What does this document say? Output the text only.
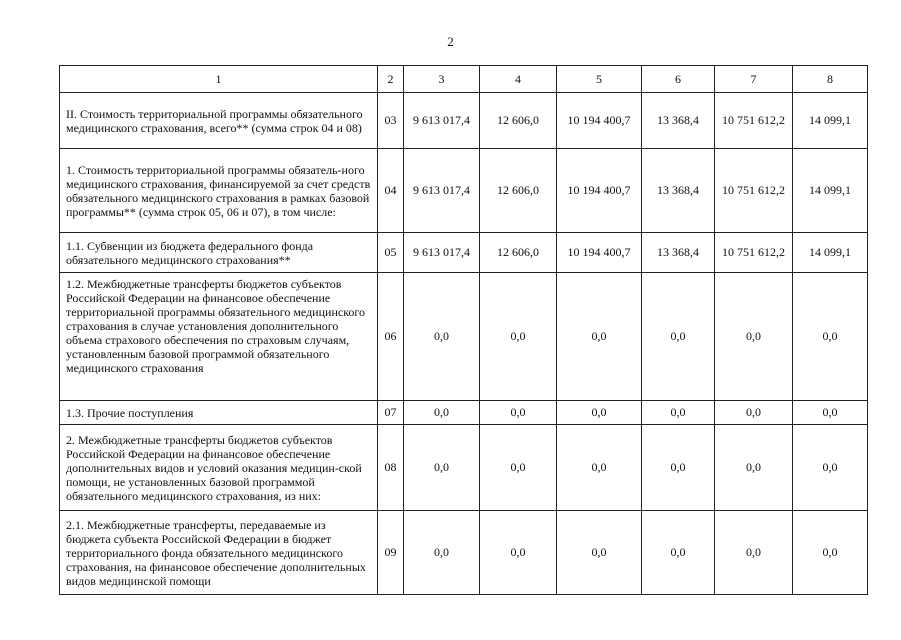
2
1	2	3	4	5	6	7	8
II. Стоимость территориальной программы обязательного медицинского страхования, всего** (сумма строк 04 и 08)	03	9 613 017,4	12 606,0	10 194 400,7	13 368,4	10 751 612,2	14 099,1
1. Стоимость территориальной программы обязатель-ного медицинского страхования, финансируемой за счет средств обязательного медицинского страхования в рамках базовой программы** (сумма строк 05, 06 и 07), в том числе:	04	9 613 017,4	12 606,0	10 194 400,7	13 368,4	10 751 612,2	14 099,1
1.1. Субвенции из бюджета федерального фонда обязательного медицинского страхования**	05	9 613 017,4	12 606,0	10 194 400,7	13 368,4	10 751 612,2	14 099,1
1.2. Межбюджетные трансферты бюджетов субъектов Российской Федерации на финансовое обеспечение территориальной программы обязательного медицинского страхования в случае установления дополнительного объема страхового обеспечения по страховым случаям, установленным базовой программой обязательного медицинского страхования	06	0,0	0,0	0,0	0,0	0,0	0,0
1.3. Прочие поступления	07	0,0	0,0	0,0	0,0	0,0	0,0
2. Межбюджетные трансферты бюджетов субъектов Российской Федерации на финансовое обеспечение дополнительных видов и условий оказания медицин-ской помощи, не установленных базовой программой обязательного медицинского страхования, из них:	08	0,0	0,0	0,0	0,0	0,0	0,0
2.1. Межбюджетные трансферты, передаваемые из бюджета субъекта Российской Федерации в бюджет территориального фонда обязательного медицинского страхования, на финансовое обеспечение дополнительных видов медицинской помощи	09	0,0	0,0	0,0	0,0	0,0	0,0
